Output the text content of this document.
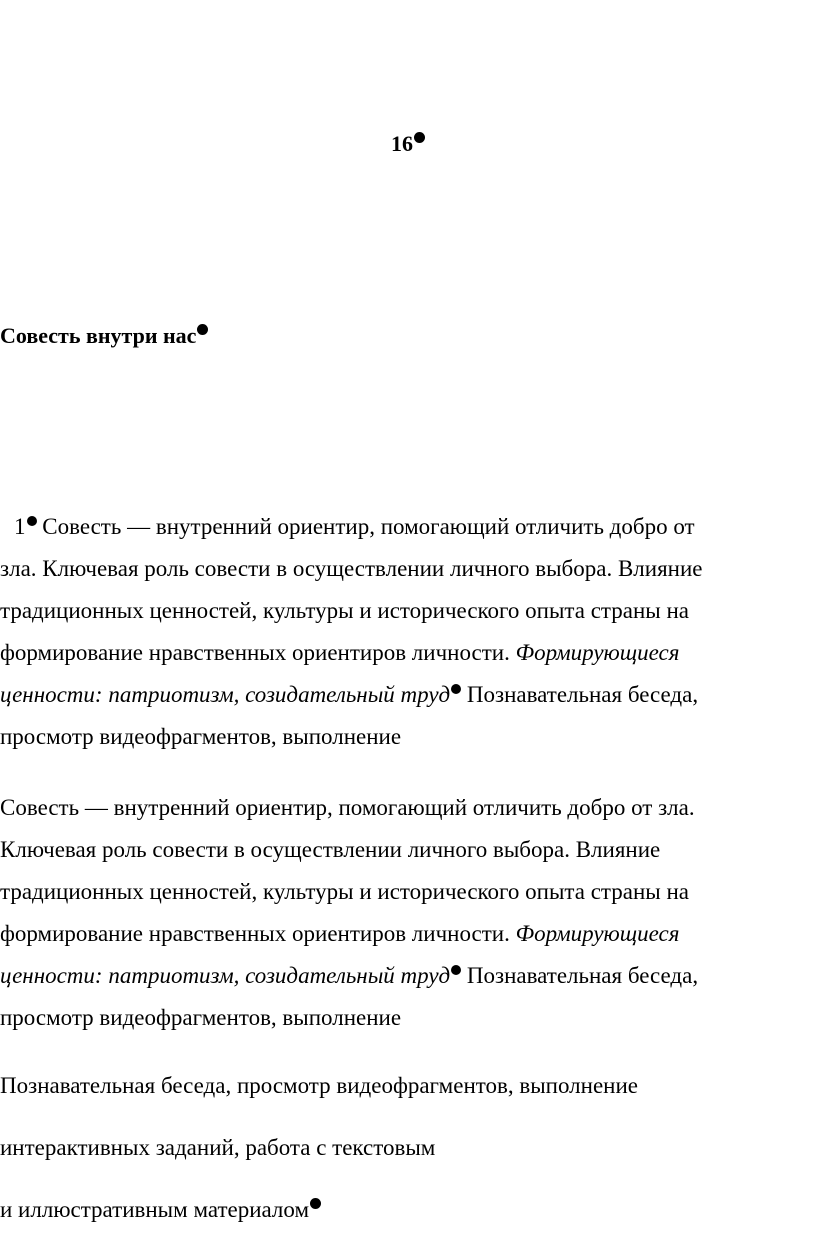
16
Совесть внутри нас
1 Совесть — внутренний ориентир, помогающий отличить добро от
зла. Ключевая роль совести в осуществлении личного выбора. Влияние
традиционных ценностей, культуры и исторического опыта страны на
формирование нравственных ориентиров личности. Формирующиеся
ценности: патриотизм, созидательный труд Познавательная беседа,
просмотр видеофрагментов, выполнение
Совесть — внутренний ориентир, помогающий отличить добро от зла.
Ключевая роль совести в осуществлении личного выбора. Влияние
традиционных ценностей, культуры и исторического опыта страны на
формирование нравственных ориентиров личности. Формирующиеся
ценности: патриотизм, созидательный труд Познавательная беседа,
просмотр видеофрагментов, выполнение
Познавательная беседа, просмотр видеофрагментов, выполнение
интерактивных заданий, работа с текстовым
и иллюстративным материалом
